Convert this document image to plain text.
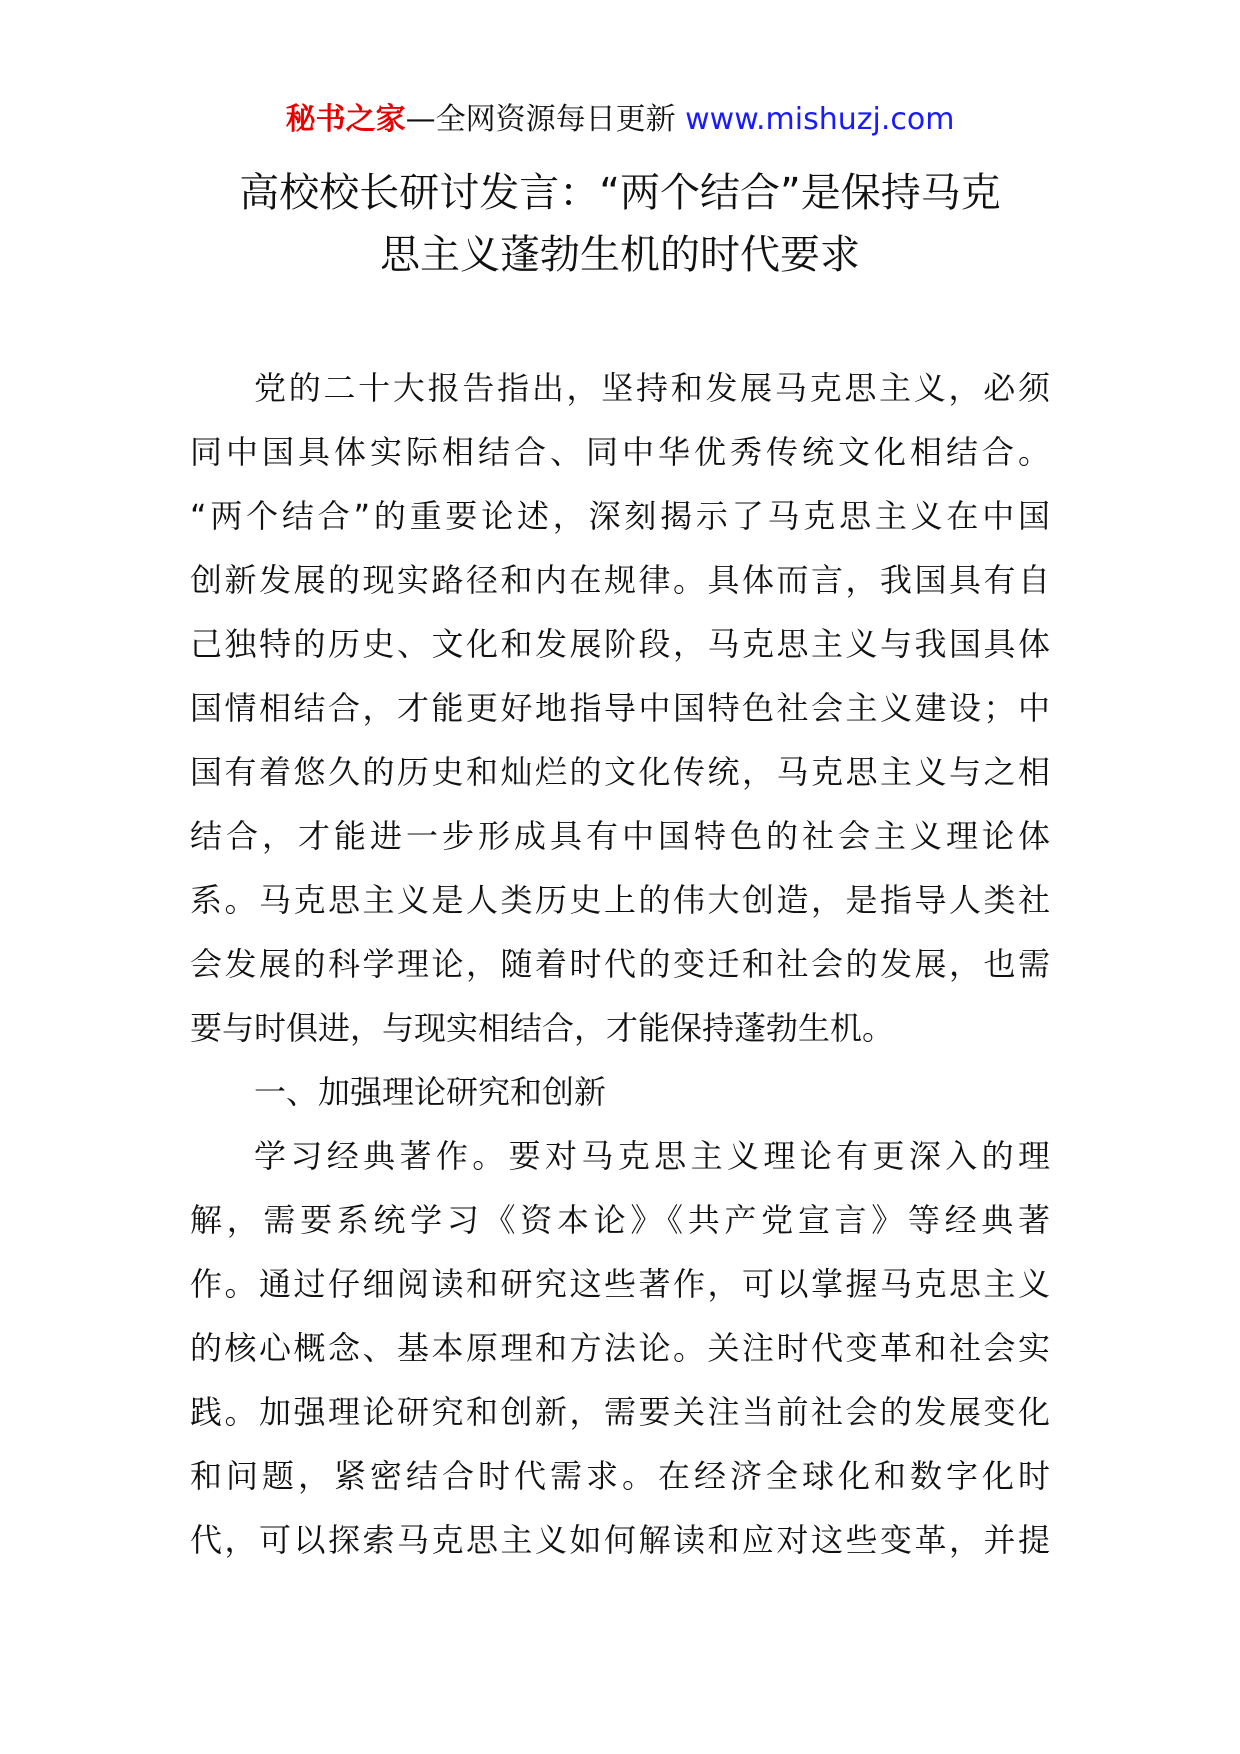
秘书之家—全网资源每日更新 www.mishuzj.com
高校校长研讨发言：“两个结合”是保持马克
思主义蓬勃生机的时代要求
党的二十大报告指出，坚持和发展马克思主义，必须
同中国具体实际相结合、同中华优秀传统文化相结合。
“两个结合”的重要论述，深刻揭示了马克思主义在中国
创新发展的现实路径和内在规律。具体而言，我国具有自
己独特的历史、文化和发展阶段，马克思主义与我国具体
国情相结合，才能更好地指导中国特色社会主义建设；中
国有着悠久的历史和灿烂的文化传统，马克思主义与之相
结合，才能进一步形成具有中国特色的社会主义理论体
系。马克思主义是人类历史上的伟大创造，是指导人类社
会发展的科学理论，随着时代的变迁和社会的发展，也需
要与时俱进，与现实相结合，才能保持蓬勃生机。
一、加强理论研究和创新
学习经典著作。要对马克思主义理论有更深入的理
解，需要系统学习《资本论》《共产党宣言》等经典著
作。通过仔细阅读和研究这些著作，可以掌握马克思主义
的核心概念、基本原理和方法论。关注时代变革和社会实
践。加强理论研究和创新，需要关注当前社会的发展变化
和问题，紧密结合时代需求。在经济全球化和数字化时
代，可以探索马克思主义如何解读和应对这些变革，并提
